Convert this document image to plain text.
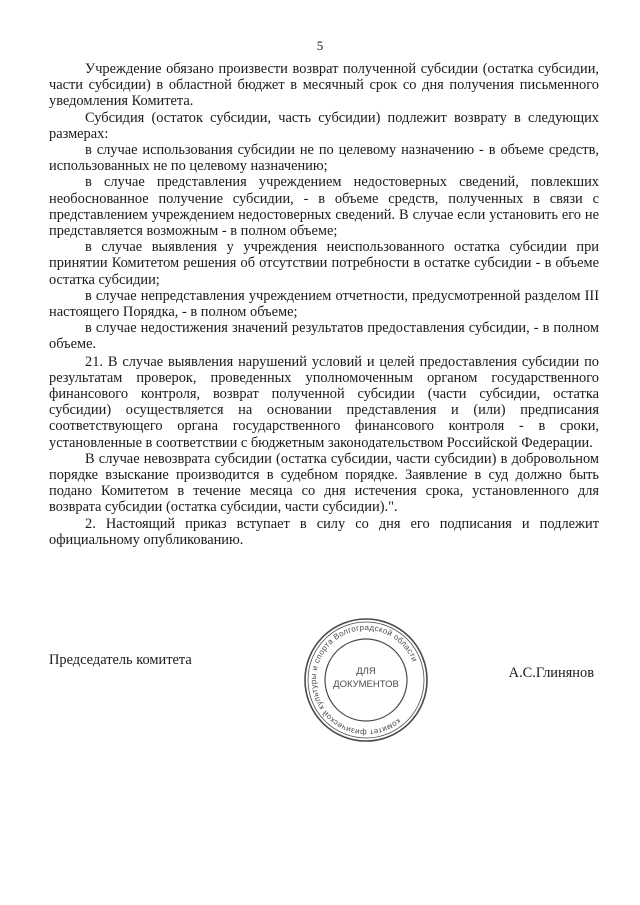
5

Учреждение обязано произвести возврат полученной субсидии (остатка субсидии, части субсидии) в областной бюджет в месячный срок со дня получения письменного уведомления Комитета.

Субсидия (остаток субсидии, часть субсидии) подлежит возврату в следующих размерах:

в случае использования субсидии не по целевому назначению - в объеме средств, использованных не по целевому назначению;

в случае представления учреждением недостоверных сведений, повлекших необоснованное получение субсидии, - в объеме средств, полученных в связи с представлением учреждением недостоверных сведений. В случае если установить его не представляется возможным - в полном объеме;

в случае выявления у учреждения неиспользованного остатка субсидии при принятии Комитетом решения об отсутствии потребности в остатке субсидии - в объеме остатка субсидии;

в случае непредставления учреждением отчетности, предусмотренной разделом III настоящего Порядка, - в полном объеме;

в случае недостижения значений результатов предоставления субсидии, - в полном объеме.

21. В случае выявления нарушений условий и целей предоставления субсидии по результатам проверок, проведенных уполномоченным органом государственного финансового контроля, возврат полученной субсидии (части субсидии, остатка субсидии) осуществляется на основании представления и (или) предписания соответствующего органа государственного финансового контроля - в сроки, установленные в соответствии с бюджетным законодательством Российской Федерации.

В случае невозврата субсидии (остатка субсидии, части субсидии) в добровольном порядке взыскание производится в судебном порядке. Заявление в суд должно быть подано Комитетом в течение месяца со дня истечения срока, установленного для возврата субсидии (остатка субсидии, части субсидии).".

2. Настоящий приказ вступает в силу со дня его подписания и подлежит официальному опубликованию.

Председатель комитета
А.С.Глинянов
комитет физической культуры и спорта Волгоградской области
ДЛЯ
ДОКУМЕНТОВ
